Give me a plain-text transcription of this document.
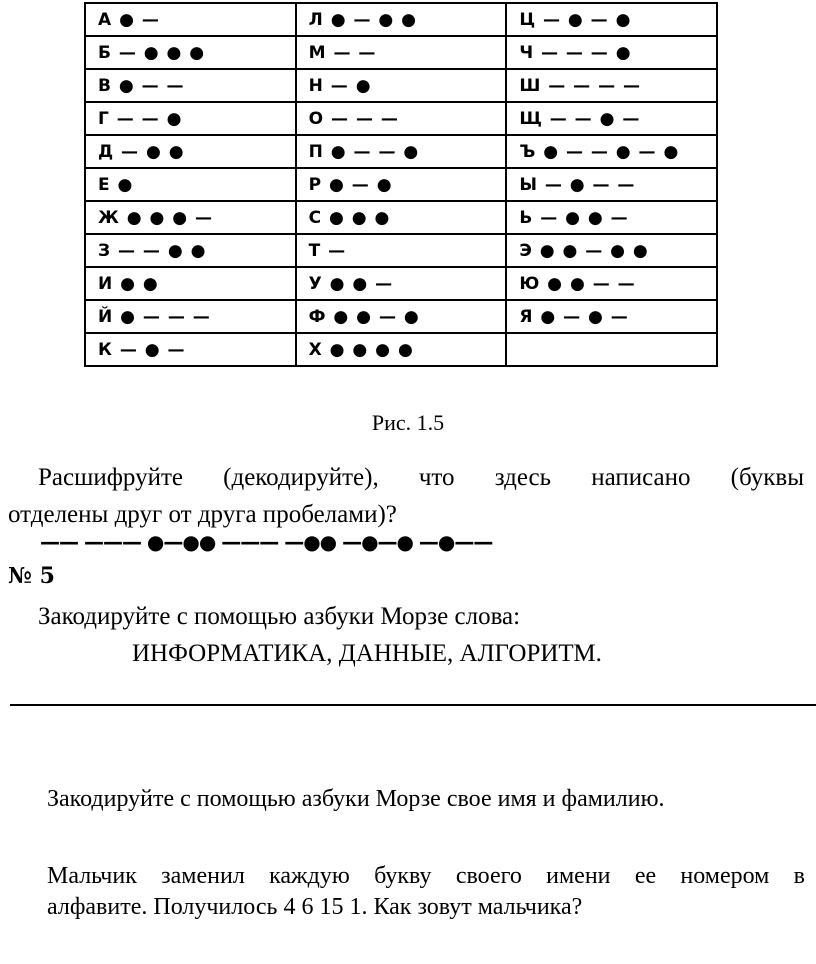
А ● —	Л ● — ● ●	Ц — ● — ●
Б — ● ● ●	М — —	Ч — — — ●
В ● — —	Н — ●	Ш — — — —
Г — — ●	О — — —	Щ — — ● —
Д — ● ●	П ● — — ●	Ъ ● — — ● — ●
Е ●	Р ● — ●	Ы — ● — —
Ж ● ● ● —	С ● ● ●	Ь — ● ● —
З — — ● ●	Т —	Э ● ● — ● ●
И ● ●	У ● ● —	Ю ● ● — —
Й ● — — —	Ф ● ● — ●	Я ● — ● —
К — ● —	Х ● ● ● ●	
Рис. 1.5
Расшифруйте (декодируйте), что здесь написано (буквы
отделены друг от друга пробелами)?
—— ——— ●—●● ——— —●● —●—● —●——
№ 5
Закодируйте с помощью азбуки Морзе слова:
ИНФОРМАТИКА, ДАННЫЕ, АЛГОРИТМ.
Закодируйте с помощью азбуки Морзе свое имя и фамилию.
Мальчик заменил каждую букву своего имени ее номером в
алфавите. Получилось 4 6 15 1. Как зовут мальчика?
